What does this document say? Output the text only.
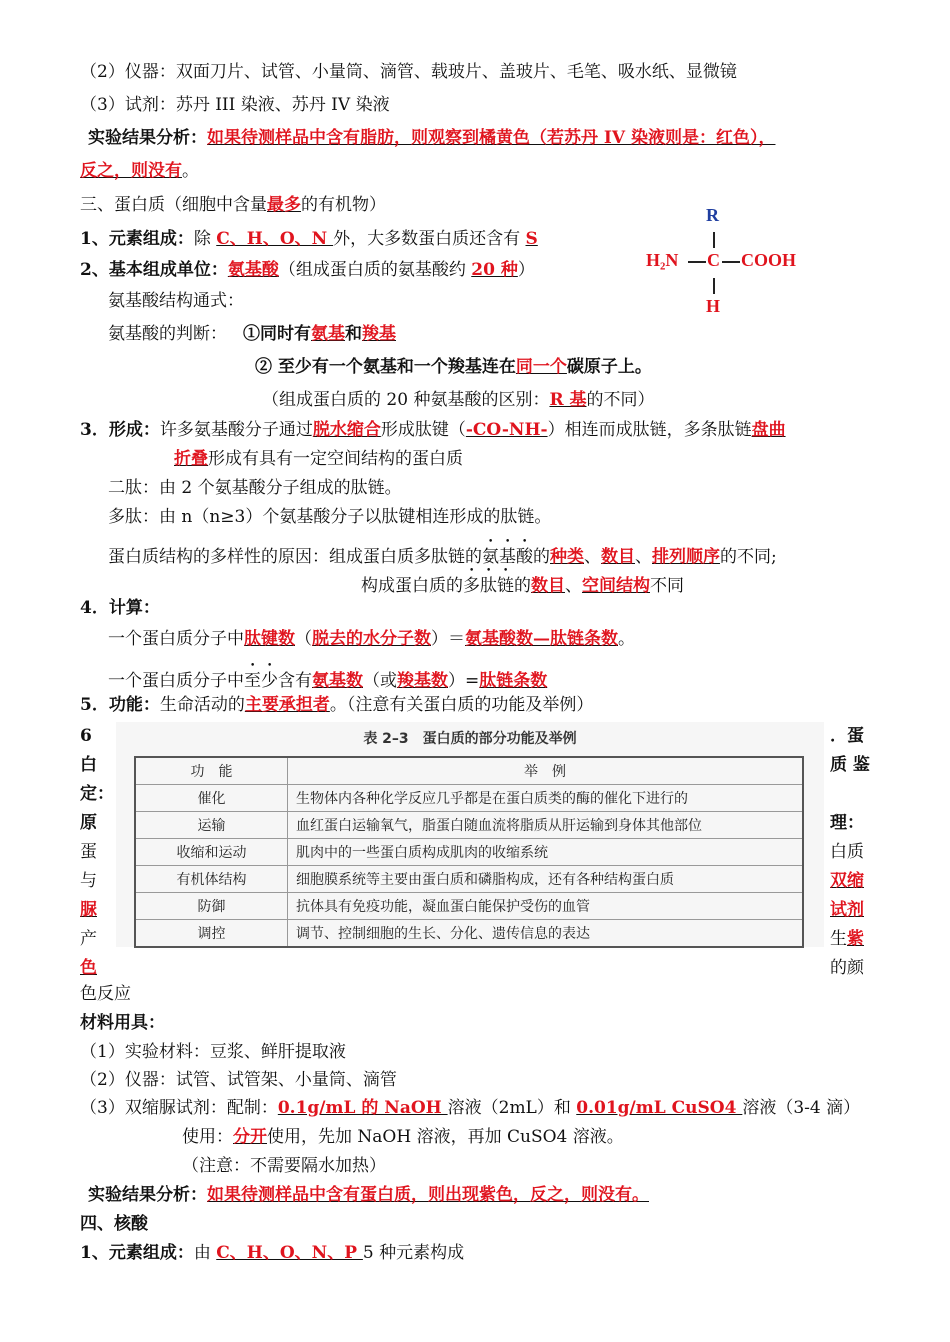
（2）仪器：双面刀片、试管、小量筒、滴管、载玻片、盖玻片、毛笔、吸水纸、显微镜
（3）试剂：苏丹 III 染液、苏丹 IV 染液
实验结果分析：如果待测样品中含有脂肪，则观察到橘黄色（若苏丹 IV 染液则是：红色），
反之，则没有。
三、蛋白质（细胞中含量最多的有机物）
1、元素组成：除 C、H、O、N 外，大多数蛋白质还含有 S
2、基本组成单位：氨基酸（组成蛋白质的氨基酸约 20 种）
R
H₂N C COOH
H
氨基酸结构通式：
氨基酸的判断： ①同时有氨基和羧基
② 至少有一个氨基和一个羧基连在同一个碳原子上。
（组成蛋白质的 20 种氨基酸的区别：R 基的不同）
3．形成：许多氨基酸分子通过脱水缩合形成肽键（-CO-NH-）相连而成肽链，多条肽链盘曲
折叠形成有具有一定空间结构的蛋白质
二肽：由 2 个氨基酸分子组成的肽链。
多肽：由 n（n≥3）个氨基酸分子以肽键相连形成的肽链。
蛋白质结构的多样性的原因：组成蛋白质多肽链的氨基酸的种类、数目、排列顺序的不同;
构成蛋白质的多肽链的数目、空间结构不同
4．计算：
一个蛋白质分子中肽键数（脱去的水分子数）＝氨基酸数—肽链条数。
一个蛋白质分子中至少含有氨基数（或羧基数）=肽链条数
5．功能：生命活动的主要承担者。（注意有关蛋白质的功能及举例）
6
白
定：
原
蛋
与
脲
产
色
．蛋
质 鉴
理：
白质
双缩
试剂
生紫
的颜
表 2–3　蛋白质的部分功能及举例
功　能	举　例
催化	生物体内各种化学反应几乎都是在蛋白质类的酶的催化下进行的
运输	血红蛋白运输氧气，脂蛋白随血流将脂质从肝运输到身体其他部位
收缩和运动	肌肉中的一些蛋白质构成肌肉的收缩系统
有机体结构	细胞膜系统等主要由蛋白质和磷脂构成，还有各种结构蛋白质
防御	抗体具有免疫功能，凝血蛋白能保护受伤的血管
调控	调节、控制细胞的生长、分化、遗传信息的表达
色反应
材料用具：
（1）实验材料：豆浆、鲜肝提取液
（2）仪器：试管、试管架、小量筒、滴管
（3）双缩脲试剂：配制：0.1g/mL 的 NaOH 溶液（2mL）和 0.01g/mL CuSO4 溶液（3-4 滴）
使用：分开使用，先加 NaOH 溶液，再加 CuSO4 溶液。
（注意：不需要隔水加热）
实验结果分析：如果待测样品中含有蛋白质，则出现紫色，反之，则没有。
四、核酸
1、元素组成：由 C、H、O、N、P 5 种元素构成
